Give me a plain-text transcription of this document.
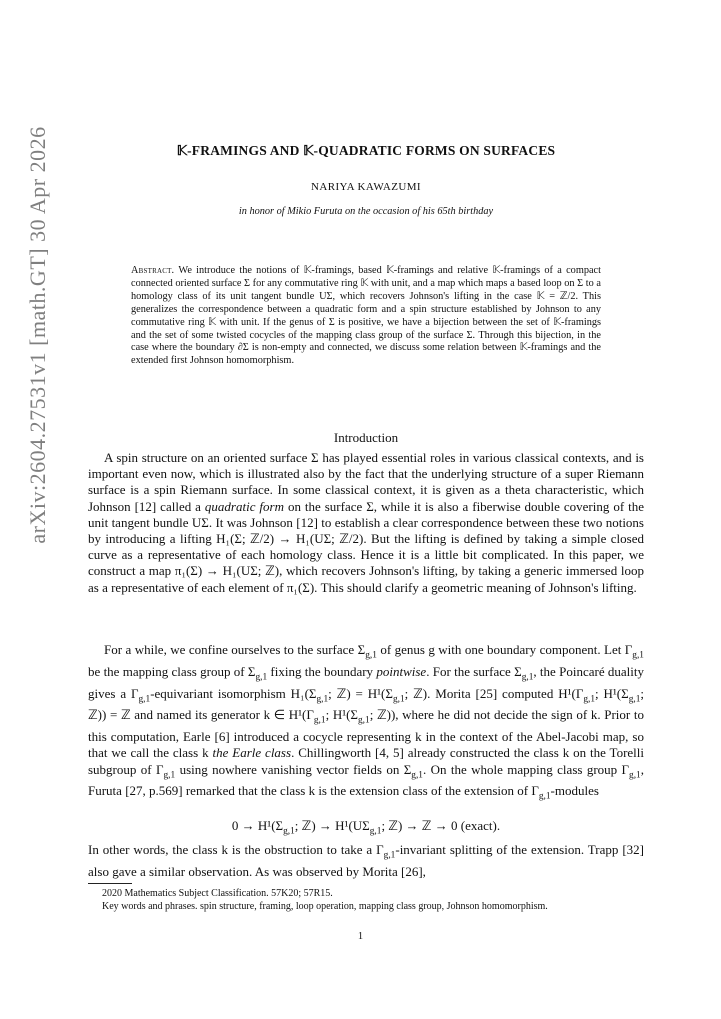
arXiv:2604.27531v1 [math.GT] 30 Apr 2026	𝕂-FRAMINGS AND 𝕂-QUADRATIC FORMS ON SURFACES
NARIYA KAWAZUMI
in honor of Mikio Furuta on the occasion of his 65th birthday
Abstract. We introduce the notions of 𝕂-framings, based 𝕂-framings and relative 𝕂-framings of a compact connected oriented surface Σ for any commutative ring 𝕂 with unit, and a map which maps a based loop on Σ to a homology class of its unit tangent bundle UΣ, which recovers Johnson's lifting in the case 𝕂 = ℤ/2. This generalizes the correspondence between a quadratic form and a spin structure established by Johnson to any commutative ring 𝕂 with unit. If the genus of Σ is positive, we have a bijection between the set of 𝕂-framings and the set of some twisted cocycles of the mapping class group of the surface Σ. Through this bijection, in the case where the boundary ∂Σ is non-empty and connected, we discuss some relation between 𝕂-framings and the extended first Johnson homomorphism.
Introduction

A spin structure on an oriented surface Σ has played essential roles in various classical contexts, and is important even now, which is illustrated also by the fact that the underlying structure of a super Riemann surface is a spin Riemann surface. In some classical context, it is given as a theta characteristic, which Johnson [12] called a quadratic form on the surface Σ, while it is also a fiberwise double covering of the unit tangent bundle UΣ. It was Johnson [12] to establish a clear correspondence between these two notions by introducing a lifting H₁(Σ; ℤ/2) → H₁(UΣ; ℤ/2). But the lifting is defined by taking a simple closed curve as a representative of each homology class. Hence it is a little bit complicated. In this paper, we construct a map π₁(Σ) → H₁(UΣ; ℤ), which recovers Johnson's lifting, by taking a generic immersed loop as a representative of each element of π₁(Σ). This should clarify a geometric meaning of Johnson's lifting.

For a while, we confine ourselves to the surface $\Sigma_{g,1}$ of genus g with one boundary component. Let $\Gamma_{g,1}$ be the mapping class group of $\Sigma_{g,1}$ fixing the boundary pointwise. For the surface $\Sigma_{g,1}$, the Poincaré duality gives a $\Gamma_{g,1}$-equivariant isomorphism $H_1(\Sigma_{g,1}$; ℤ) = $H^1(\Sigma_{g,1}$; ℤ). Morita [25] computed $H^1(\Gamma_{g,1}$; $H^1(\Sigma_{g,1}$; ℤ)) = ℤ and named its generator k ∈ $H^1(\Gamma_{g,1}$; $H^1(\Sigma_{g,1}$; ℤ)), where he did not decide the sign of k. Prior to this computation, Earle [6] introduced a cocycle representing k in the context of the Abel-Jacobi map, so that we call the class k the Earle class. Chillingworth [4, 5] already constructed the class k on the Torelli subgroup of $\Gamma_{g,1}$ using nowhere vanishing vector fields on $\Sigma_{g,1}$. On the whole mapping class group $\Gamma_{g,1}$, Furuta [27, p.569] remarked that the class k is the extension class of the extension of $\Gamma_{g,1}$-modules

$0 \to H^1(\Sigma_{g,1}$; ℤ) → $H^1(U\Sigma_{g,1}$; ℤ) → ℤ → 0 (exact).

In other words, the class k is the obstruction to take a $\Gamma_{g,1}$-invariant splitting of the extension. Trapp [32] also gave a similar observation. As was observed by Morita [26],

2020 Mathematics Subject Classification. 57K20; 57R15.

Key words and phrases. spin structure, framing, loop operation, mapping class group, Johnson homomorphism.

1
